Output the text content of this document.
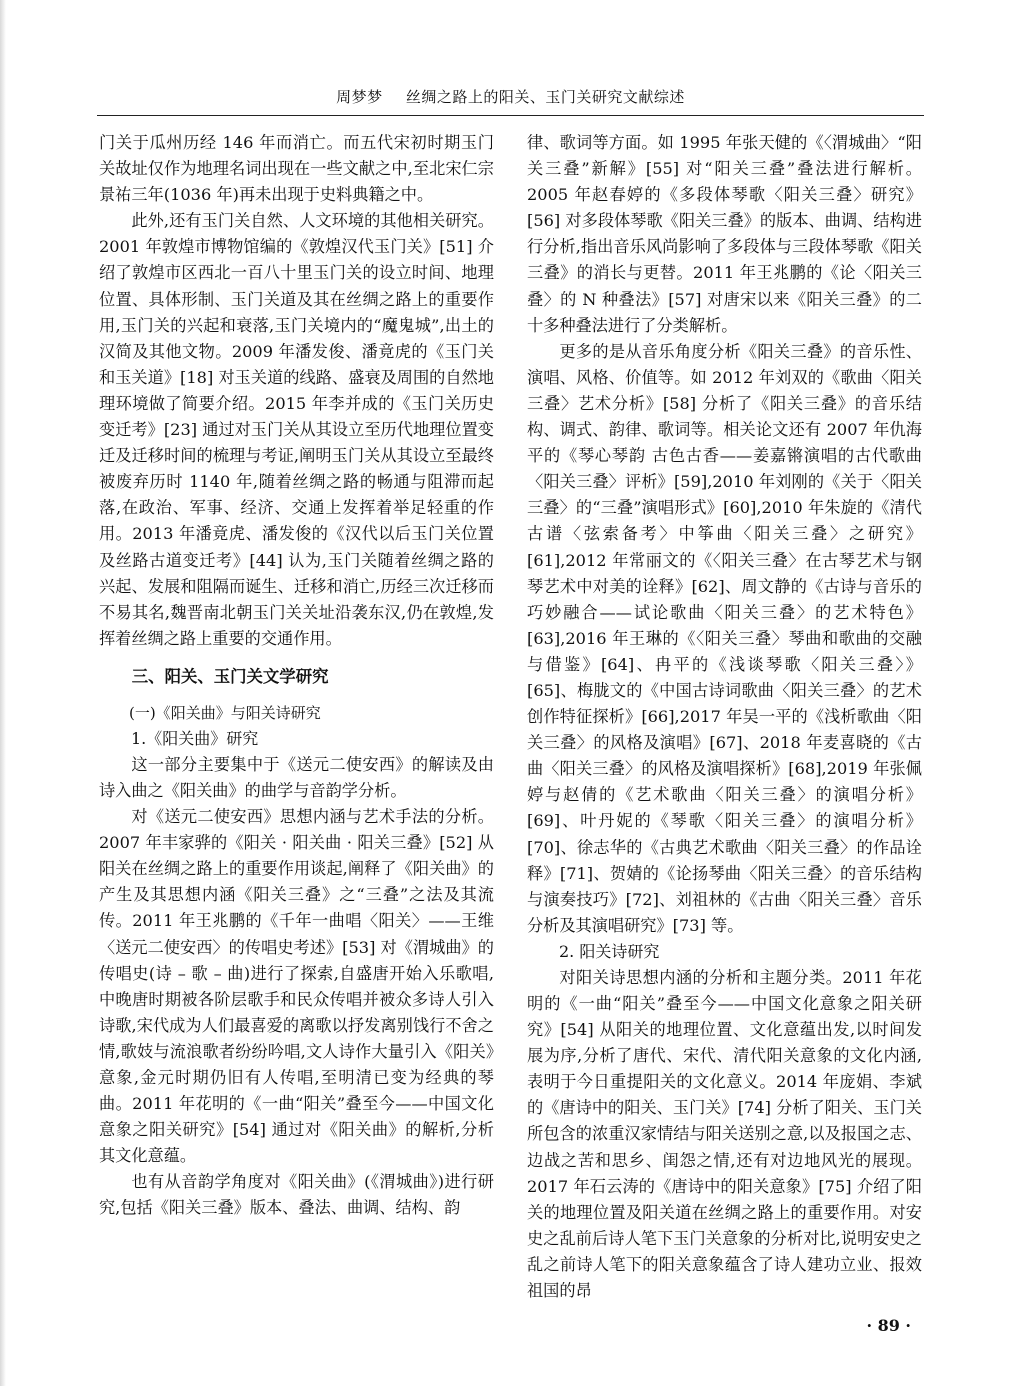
周梦梦 丝绸之路上的阳关、玉门关研究文献综述

门关于瓜州历经 146 年而消亡。而五代宋初时期玉门关故址仅作为地理名词出现在一些文献之中,至北宋仁宗景祐三年(1036 年)再未出现于史料典籍之中。

此外,还有玉门关自然、人文环境的其他相关研究。2001 年敦煌市博物馆编的《敦煌汉代玉门关》[51] 介绍了敦煌市区西北一百八十里玉门关的设立时间、地理位置、具体形制、玉门关道及其在丝绸之路上的重要作用,玉门关的兴起和衰落,玉门关境内的“魔鬼城”,出土的汉简及其他文物。2009 年潘发俊、潘竟虎的《玉门关和玉关道》[18] 对玉关道的线路、盛衰及周围的自然地理环境做了简要介绍。2015 年李并成的《玉门关历史变迁考》[23] 通过对玉门关从其设立至历代地理位置变迁及迁移时间的梳理与考证,阐明玉门关从其设立至最终被废弃历时 1140 年,随着丝绸之路的畅通与阻滞而起落,在政治、军事、经济、交通上发挥着举足轻重的作用。2013 年潘竟虎、潘发俊的《汉代以后玉门关位置及丝路古道变迁考》[44] 认为,玉门关随着丝绸之路的兴起、发展和阻隔而诞生、迁移和消亡,历经三次迁移而不易其名,魏晋南北朝玉门关关址沿袭东汉,仍在敦煌,发挥着丝绸之路上重要的交通作用。

三、阳关、玉门关文学研究
(一)《阳关曲》与阳关诗研究
1.《阳关曲》研究

这一部分主要集中于《送元二使安西》的解读及由诗入曲之《阳关曲》的曲学与音韵学分析。

对《送元二使安西》思想内涵与艺术手法的分析。2007 年丰家骅的《阳关 · 阳关曲 · 阳关三叠》[52] 从阳关在丝绸之路上的重要作用谈起,阐释了《阳关曲》的产生及其思想内涵《阳关三叠》之“三叠”之法及其流传。2011 年王兆鹏的《千年一曲唱〈阳关〉——王维〈送元二使安西〉的传唱史考述》[53] 对《渭城曲》的传唱史(诗 – 歌 – 曲)进行了探索,自盛唐开始入乐歌唱,中晚唐时期被各阶层歌手和民众传唱并被众多诗人引入诗歌,宋代成为人们最喜爱的离歌以抒发离别饯行不舍之情,歌妓与流浪歌者纷纷吟唱,文人诗作大量引入《阳关》意象,金元时期仍旧有人传唱,至明清已变为经典的琴曲。2011 年花明的《一曲“阳关”叠至今——中国文化意象之阳关研究》[54] 通过对《阳关曲》的解析,分析其文化意蕴。

也有从音韵学角度对《阳关曲》(《渭城曲》)进行研究,包括《阳关三叠》版本、叠法、曲调、结构、韵

律、歌词等方面。如 1995 年张天健的《〈渭城曲〉“阳关三叠”新解》[55] 对“阳关三叠”叠法进行解析。2005 年赵春婷的《多段体琴歌〈阳关三叠〉研究》[56] 对多段体琴歌《阳关三叠》的版本、曲调、结构进行分析,指出音乐风尚影响了多段体与三段体琴歌《阳关三叠》的消长与更替。2011 年王兆鹏的《论〈阳关三叠〉的 N 种叠法》[57] 对唐宋以来《阳关三叠》的二十多种叠法进行了分类解析。

更多的是从音乐角度分析《阳关三叠》的音乐性、演唱、风格、价值等。如 2012 年刘双的《歌曲〈阳关三叠〉艺术分析》[58] 分析了《阳关三叠》的音乐结构、调式、韵律、歌词等。相关论文还有 2007 年仇海平的《琴心琴韵 古色古香——姜嘉锵演唱的古代歌曲〈阳关三叠〉评析》[59],2010 年刘刚的《关于〈阳关三叠〉的“三叠”演唱形式》[60],2010 年朱旋的《清代古谱〈弦索备考〉中筝曲〈阳关三叠〉之研究》[61],2012 年常丽文的《〈阳关三叠〉在古琴艺术与钢琴艺术中对美的诠释》[62]、周文静的《古诗与音乐的巧妙融合——试论歌曲〈阳关三叠〉的艺术特色》[63],2016 年王琳的《〈阳关三叠〉琴曲和歌曲的交融与借鉴》[64]、冉平的《浅谈琴歌〈阳关三叠〉》[65]、梅胧文的《中国古诗词歌曲〈阳关三叠〉的艺术创作特征探析》[66],2017 年吴一平的《浅析歌曲〈阳关三叠〉的风格及演唱》[67]、2018 年麦喜晓的《古曲〈阳关三叠〉的风格及演唱探析》[68],2019 年张佩婷与赵倩的《艺术歌曲〈阳关三叠〉的演唱分析》[69]、叶丹妮的《琴歌〈阳关三叠〉的演唱分析》[70]、徐志华的《古典艺术歌曲〈阳关三叠〉的作品诠释》[71]、贺婧的《论扬琴曲〈阳关三叠〉的音乐结构与演奏技巧》[72]、刘祖林的《古曲〈阳关三叠〉音乐分析及其演唱研究》[73] 等。

2. 阳关诗研究

对阳关诗思想内涵的分析和主题分类。2011 年花明的《一曲“阳关”叠至今——中国文化意象之阳关研究》[54] 从阳关的地理位置、文化意蕴出发,以时间发展为序,分析了唐代、宋代、清代阳关意象的文化内涵,表明于今日重提阳关的文化意义。2014 年庞娟、李斌的《唐诗中的阳关、玉门关》[74] 分析了阳关、玉门关所包含的浓重汉家情结与阳关送别之意,以及报国之志、边战之苦和思乡、闺怨之情,还有对边地风光的展现。2017 年石云涛的《唐诗中的阳关意象》[75] 介绍了阳关的地理位置及阳关道在丝绸之路上的重要作用。对安史之乱前后诗人笔下玉门关意象的分析对比,说明安史之乱之前诗人笔下的阳关意象蕴含了诗人建功立业、报效祖国的昂

· 89 ·
